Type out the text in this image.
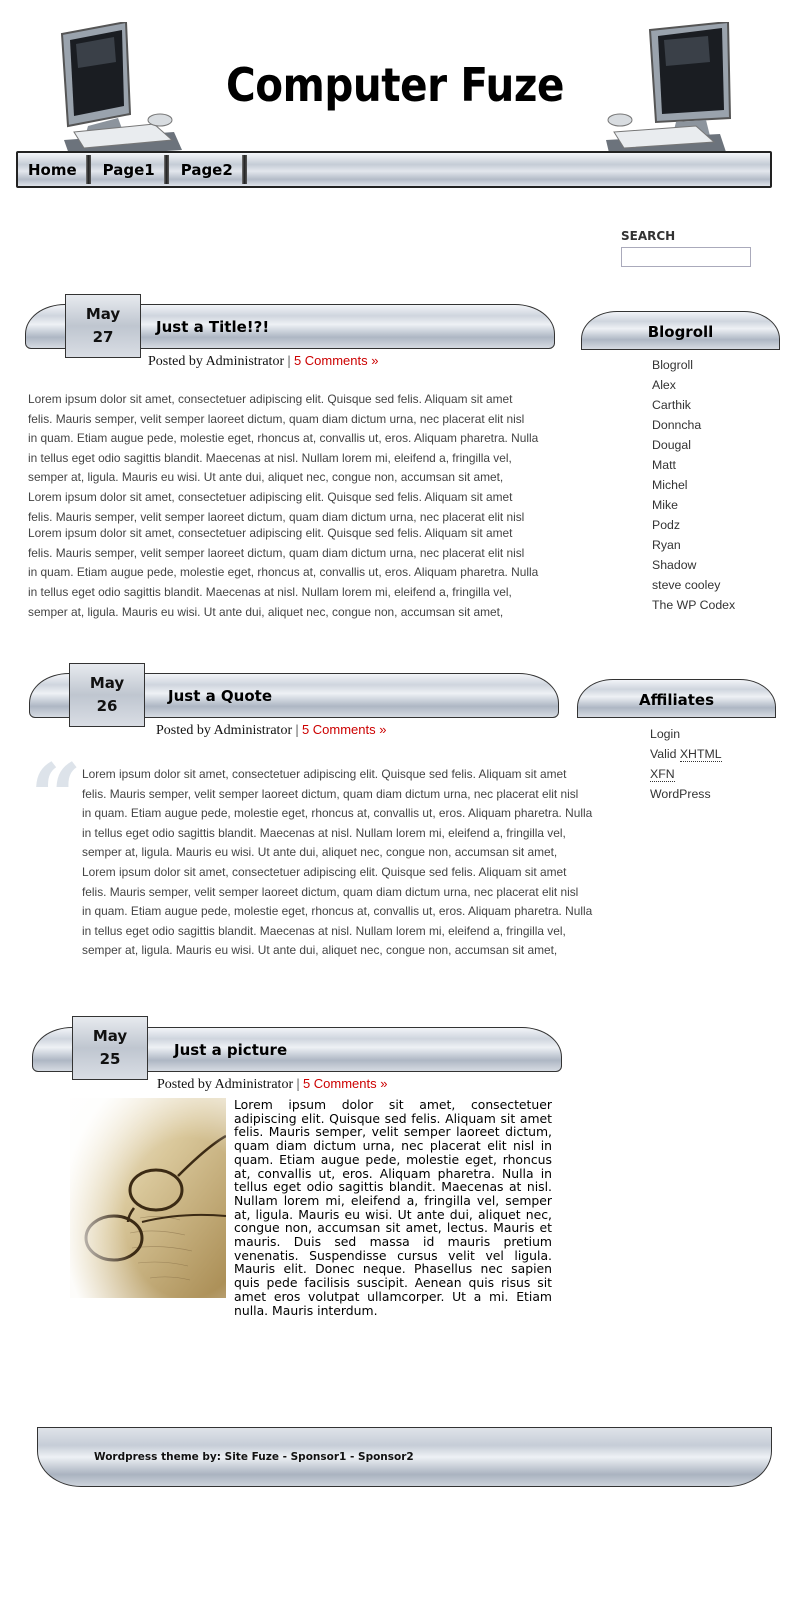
Computer Fuze
Home	Page1	Page2
SEARCH
Just a Title!?!
May
27
Posted by Administrator | 5 Comments »
Lorem ipsum dolor sit amet, consectetuer adipiscing elit. Quisque sed felis. Aliquam sit amet
felis. Mauris semper, velit semper laoreet dictum, quam diam dictum urna, nec placerat elit nisl
in quam. Etiam augue pede, molestie eget, rhoncus at, convallis ut, eros. Aliquam pharetra. Nulla
in tellus eget odio sagittis blandit. Maecenas at nisl. Nullam lorem mi, eleifend a, fringilla vel,
semper at, ligula. Mauris eu wisi. Ut ante dui, aliquet nec, congue non, accumsan sit amet,
Lorem ipsum dolor sit amet, consectetuer adipiscing elit. Quisque sed felis. Aliquam sit amet
felis. Mauris semper, velit semper laoreet dictum, quam diam dictum urna, nec placerat elit nisl
Lorem ipsum dolor sit amet, consectetuer adipiscing elit. Quisque sed felis. Aliquam sit amet
felis. Mauris semper, velit semper laoreet dictum, quam diam dictum urna, nec placerat elit nisl
in quam. Etiam augue pede, molestie eget, rhoncus at, convallis ut, eros. Aliquam pharetra. Nulla
in tellus eget odio sagittis blandit. Maecenas at nisl. Nullam lorem mi, eleifend a, fringilla vel,
semper at, ligula. Mauris eu wisi. Ut ante dui, aliquet nec, congue non, accumsan sit amet,
Blogroll
Blogroll
Alex
Carthik
Donncha
Dougal
Matt
Michel
Mike
Podz
Ryan
Shadow
steve cooley
The WP Codex
Just a Quote
May
26
Posted by Administrator | 5 Comments »
“ Lorem ipsum dolor sit amet, consectetuer adipiscing elit. Quisque sed felis. Aliquam sit amet
felis. Mauris semper, velit semper laoreet dictum, quam diam dictum urna, nec placerat elit nisl
in quam. Etiam augue pede, molestie eget, rhoncus at, convallis ut, eros. Aliquam pharetra. Nulla
in tellus eget odio sagittis blandit. Maecenas at nisl. Nullam lorem mi, eleifend a, fringilla vel,
semper at, ligula. Mauris eu wisi. Ut ante dui, aliquet nec, congue non, accumsan sit amet,
Lorem ipsum dolor sit amet, consectetuer adipiscing elit. Quisque sed felis. Aliquam sit amet
felis. Mauris semper, velit semper laoreet dictum, quam diam dictum urna, nec placerat elit nisl
in quam. Etiam augue pede, molestie eget, rhoncus at, convallis ut, eros. Aliquam pharetra. Nulla
in tellus eget odio sagittis blandit. Maecenas at nisl. Nullam lorem mi, eleifend a, fringilla vel,
semper at, ligula. Mauris eu wisi. Ut ante dui, aliquet nec, congue non, accumsan sit amet,
Affiliates
Login
Valid XHTML
XFN
WordPress
Just a picture
May
25
Posted by Administrator | 5 Comments »
Lorem ipsum dolor sit amet, consectetuer adipiscing elit. Quisque sed felis. Aliquam sit amet felis. Mauris semper, velit semper laoreet dictum, quam diam dictum urna, nec placerat elit nisl in quam. Etiam augue pede, molestie eget, rhoncus at, convallis ut, eros. Aliquam pharetra. Nulla in tellus eget odio sagittis blandit. Maecenas at nisl. Nullam lorem mi, eleifend a, fringilla vel, semper at, ligula. Mauris eu wisi. Ut ante dui, aliquet nec, congue non, accumsan sit amet, lectus. Mauris et mauris. Duis sed massa id mauris pretium venenatis. Suspendisse cursus velit vel ligula. Mauris elit. Donec neque. Phasellus nec sapien quis pede facilisis suscipit. Aenean quis risus sit amet eros volutpat ullamcorper. Ut a mi. Etiam nulla. Mauris interdum.
Wordpress theme by: Site Fuze - Sponsor1 - Sponsor2
